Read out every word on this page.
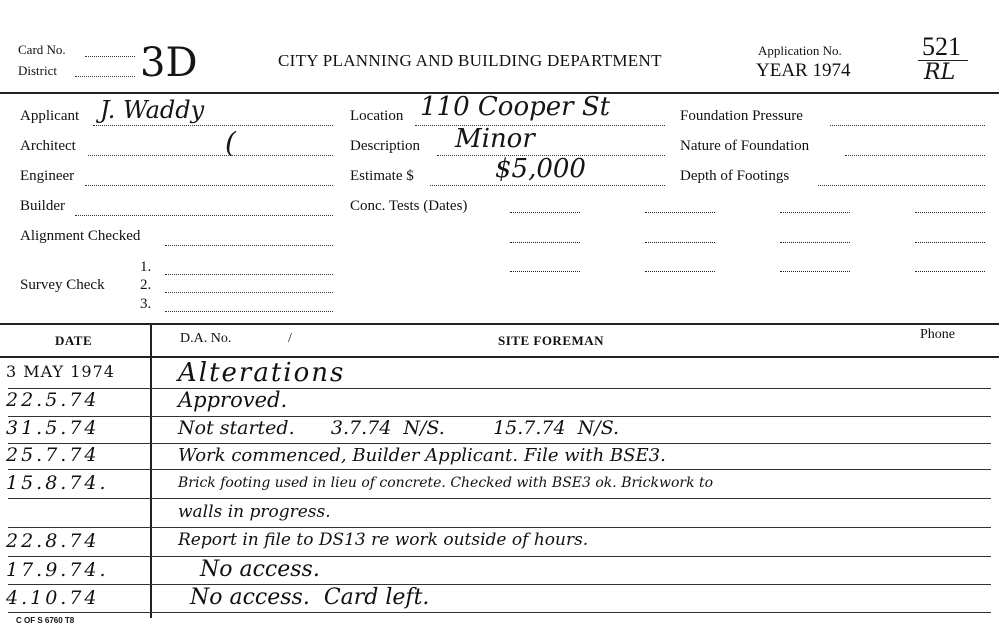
Card No.
District 3D	CITY PLANNING AND BUILDING DEPARTMENT
Application No.
YEAR 1974
521
RL
Applicant J. Waddy
Architect	(
Engineer
Builder
Alignment Checked
Survey Check
1.
2.
3.
Location 110 Cooper St
Description Minor
Estimate $	$5,000
Conc. Tests (Dates)
Foundation Pressure
Nature of Foundation
Depth of Footings
DATE	D.A. No.	/	SITE FOREMAN	Phone
3 MAY 1974 Alterations
22.5.74	Approved.
31.5.74	Not started.      3.7.74  N/S.        15.7.74  N/S.
25.7.74	Work commenced, Builder Applicant. File with BSE3.
15.8.74.	Brick footing used in lieu of concrete. Checked with BSE3 ok. Brickwork to
walls in progress.
22.8.74	Report in file to DS13 re work outside of hours.
17.9.74.	No access.
4.10.74	No access.  Card left.
C OF S 6760 T8
